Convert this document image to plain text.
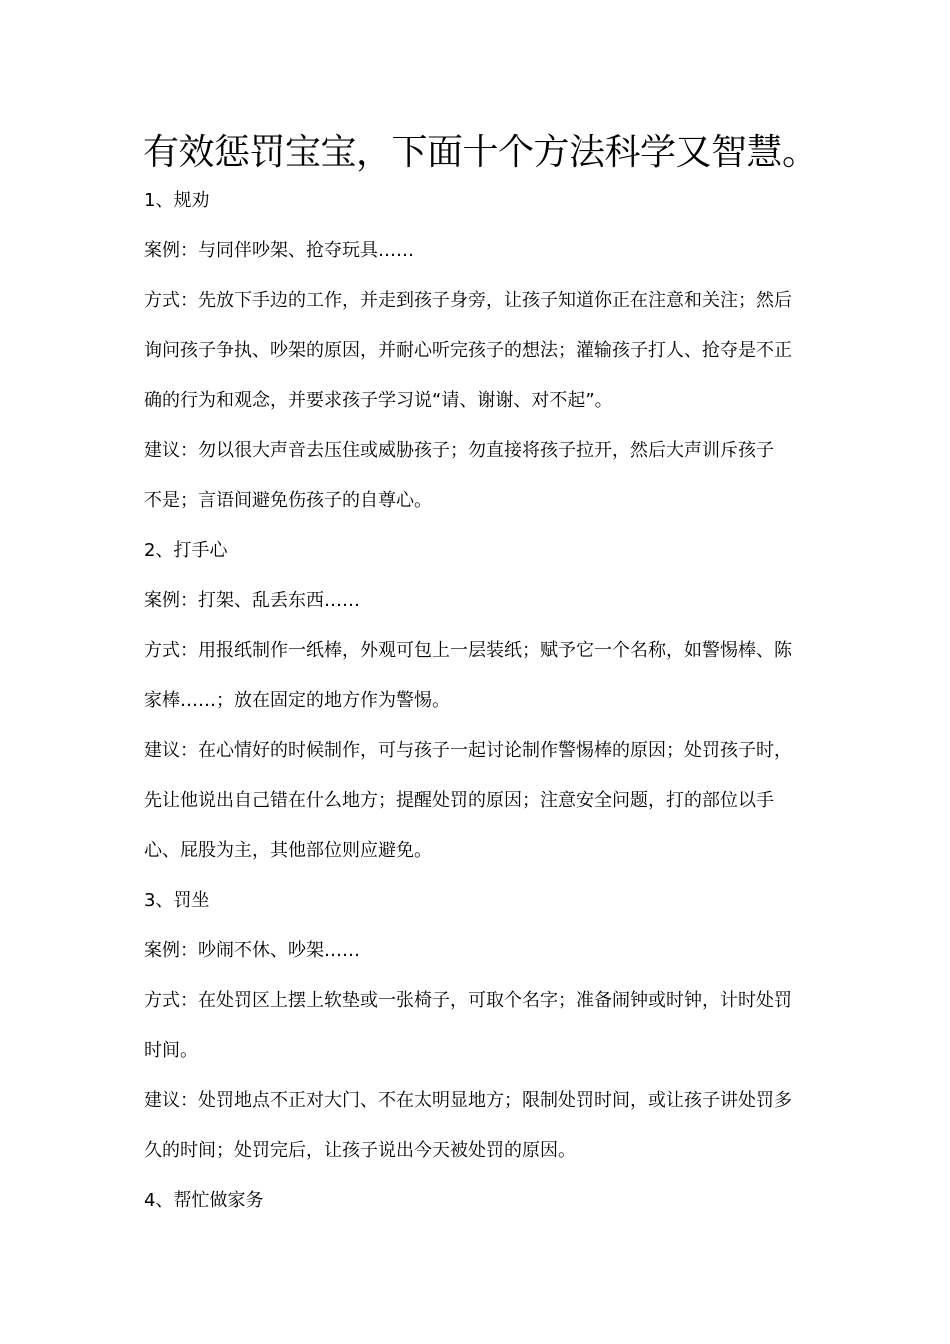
有效惩罚宝宝，下面十个方法科学又智慧。

1、规劝

案例：与同伴吵架、抢夺玩具……

方式：先放下手边的工作，并走到孩子身旁，让孩子知道你正在注意和关注；然后

询问孩子争执、吵架的原因，并耐心听完孩子的想法；灌输孩子打人、抢夺是不正

确的行为和观念，并要求孩子学习说“请、谢谢、对不起”。

建议：勿以很大声音去压住或威胁孩子；勿直接将孩子拉开，然后大声训斥孩子

不是；言语间避免伤孩子的自尊心。

2、打手心

案例：打架、乱丢东西……

方式：用报纸制作一纸棒，外观可包上一层装纸；赋予它一个名称，如警惕棒、陈

家棒……；放在固定的地方作为警惕。

建议：在心情好的时候制作，可与孩子一起讨论制作警惕棒的原因；处罚孩子时，

先让他说出自己错在什么地方；提醒处罚的原因；注意安全问题，打的部位以手

心、屁股为主，其他部位则应避免。

3、罚坐

案例：吵闹不休、吵架……

方式：在处罚区上摆上软垫或一张椅子，可取个名字；准备闹钟或时钟，计时处罚

时间。

建议：处罚地点不正对大门、不在太明显地方；限制处罚时间，或让孩子讲处罚多

久的时间；处罚完后，让孩子说出今天被处罚的原因。

4、帮忙做家务
